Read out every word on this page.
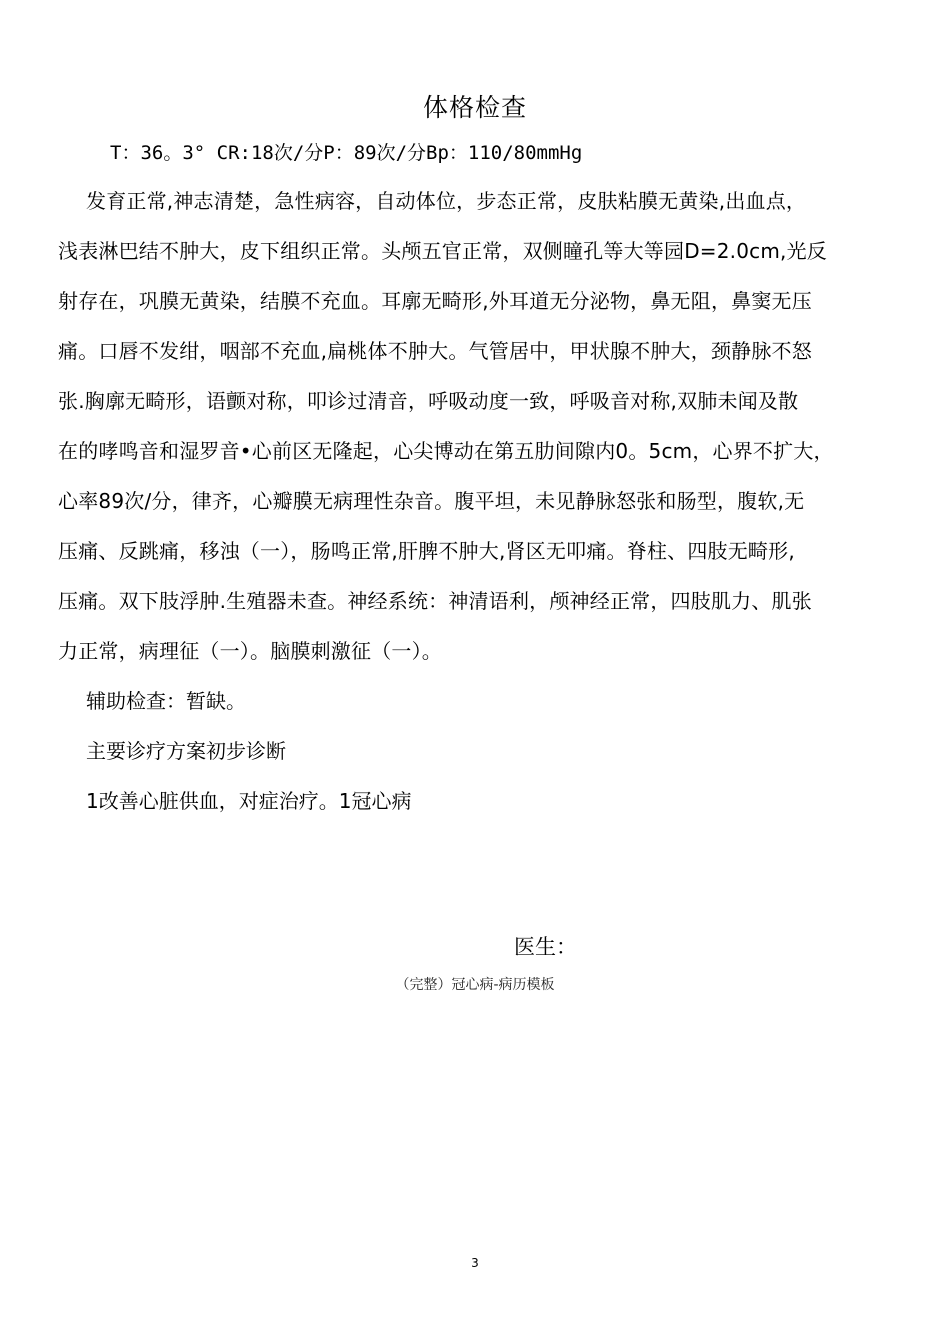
体格检查
T：36。3° CR:18次/分P：89次/分Bp：110/80mmHg
发育正常,神志清楚，急性病容，自动体位，步态正常，皮肤粘膜无黄染,出血点，
浅表淋巴结不肿大，皮下组织正常。头颅五官正常，双侧瞳孔等大等园D=2.0cm,光反
射存在，巩膜无黄染，结膜不充血。耳廓无畸形,外耳道无分泌物，鼻无阻，鼻窦无压
痛。口唇不发绀，咽部不充血,扁桃体不肿大。气管居中，甲状腺不肿大，颈静脉不怒
张.胸廓无畸形，语颤对称，叩诊过清音，呼吸动度一致，呼吸音对称,双肺未闻及散
在的哮鸣音和湿罗音•心前区无隆起，心尖博动在第五肋间隙内0。5cm，心界不扩大，
心率89次/分，律齐，心瓣膜无病理性杂音。腹平坦，未见静脉怒张和肠型，腹软,无
压痛、反跳痛，移浊（一），肠鸣正常,肝脾不肿大,肾区无叩痛。脊柱、四肢无畸形,
压痛。双下肢浮肿.生殖器未查。神经系统：神清语利，颅神经正常，四肢肌力、肌张
力正常，病理征（一）。脑膜刺激征（一）。
辅助检查：暂缺。
主要诊疗方案初步诊断
1改善心脏供血，对症治疗。1冠心病
医生：
（完整）冠心病-病历模板
3
